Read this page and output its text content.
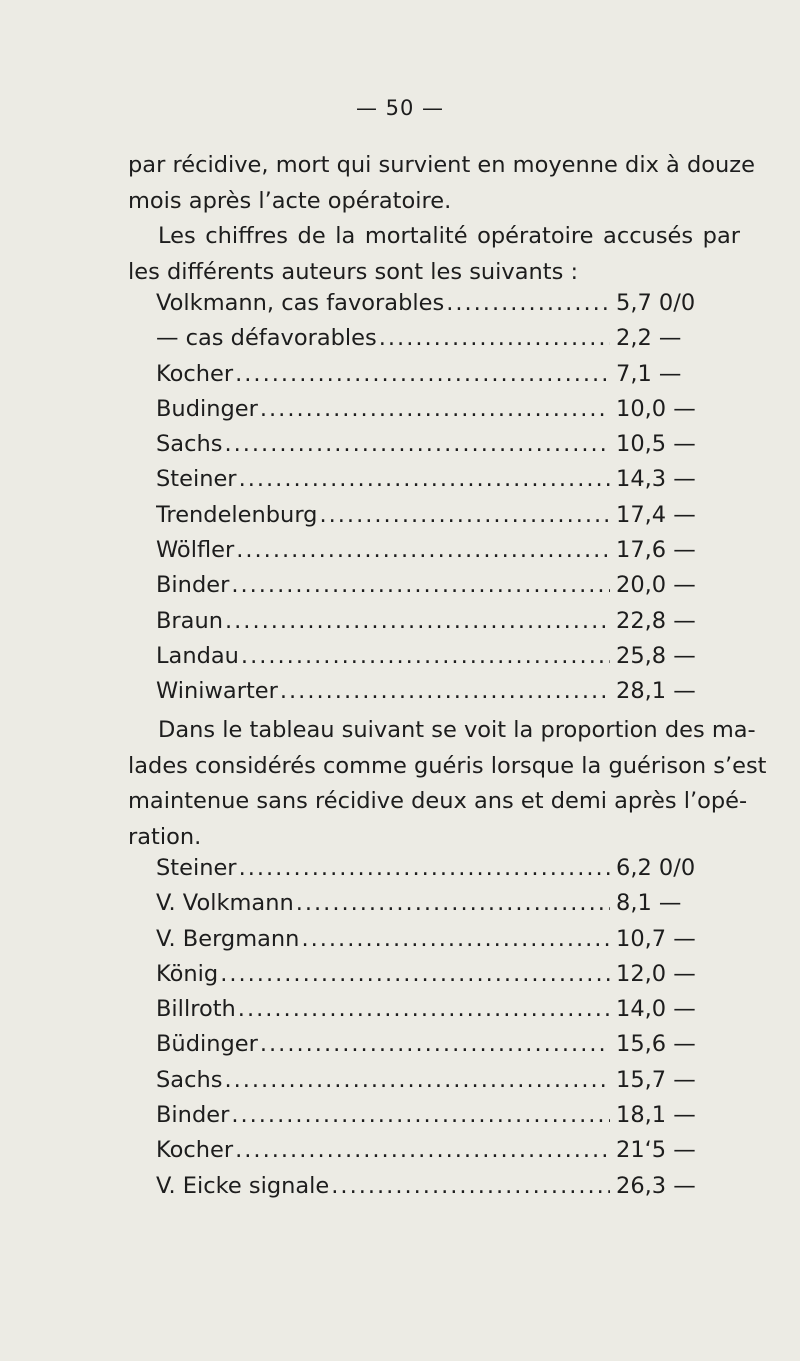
— 50 —
par récidive, mort qui survient en moyenne dix à douze
mois après l’acte opératoire.
Les chiffres de la mortalité opératoire accusés par
les différents auteurs sont les suivants :
Volkmann, cas favorables .....	5,7 0/0
— cas défavorables .....	2,2 —
Kocher .....	7,1 —
Budinger .....	10,0 —
Sachs .....	10,5 —
Steiner .....	14,3 —
Trendelenburg .....	17,4 —
Wölfler .....	17,6 —
Binder .....	20,0 —
Braun .....	22,8 —
Landau .....	25,8 —
Winiwarter .....	28,1 —
Dans le tableau suivant se voit la proportion des ma-
lades considérés comme guéris lorsque la guérison s’est
maintenue sans récidive deux ans et demi après l’opé-
ration.
Steiner .....	6,2 0/0
V. Volkmann .....	8,1 —
V. Bergmann .....	10,7 —
König .....	12,0 —
Billroth .....	14,0 —
Büdinger .....	15,6 —
Sachs .....	15,7 —
Binder .....	18,1 —
Kocher .....	21‘5 —
V. Eicke signale .....	26,3 —
